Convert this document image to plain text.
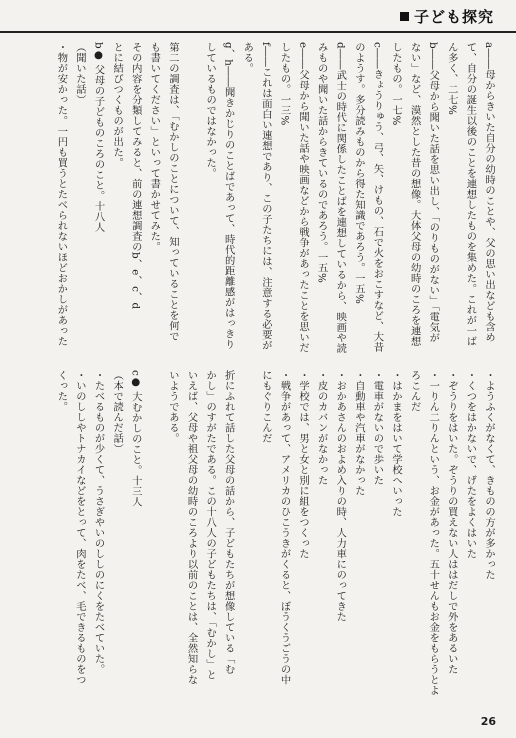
子ども探究
a――母からきいた自分の幼時のことや、父の思い出なども含め
て、自分の誕生以後のことを連想したものを集めた。これが一ば
ん多く、二七%
b――父母から聞いた話を思い出し、「のりものがない」「電気が
ない」など、漠然とした昔の想像。大体父母の幼時のころを連想
したもの。一七%
c――きょうりゅう、弓、矢、けもの、石で火をおこすなど、大昔
のようす。多分読みものから得た知識であろう。一五%
d――武士の時代に関係したことばを連想しているから、映画や読
みものや聞いた話からきているのであろう。一五%
e――父母から聞いた話や映画などから戦争があったことを思いだ
したもの。一三%
f――これは面白い連想であり、この子たちには、注意する必要が
ある。
g、h――聞きかじりのことばであって、時代的距離感がはっきり
しているものではなかった。

第二の調査は、「むかしのことについて、知っていることを何で
も書いてください」といって書かせてみた。
その内容を分類してみると、前の連想調査のb、e、c、d
とに結びつくものが出た。
b● 父母の子どものころのこと。十八人
（聞いた話）
・物が安かった。一円も買うとたべられないほどおかしがあった
・ようふくがなくて、きものの方が多かった
・くつをはかないで、げたをよくはいた
・ぞうりをはいた。ぞうりの買えない人ははだしで外をあるいた
・一りん二りんという、お金があった。五十せんもお金をもらうとよ
ろこんだ
・はかまをはいて学校へいった
・電車がないので歩いた
・自動車や汽車がなかった
・おかあさんのおよめ入りの時、人力車にのってきた
・皮のカバンがなかった
・学校では、男と女と別に組をつくった
・戦争があって、アメリカのひこうきがくると、ぼうくうごうの中
にもぐりこんだ

折にふれて話した父母の話から、子どもたちが想像している「む
かし」のすがたである。この十八人の子どもたちは、「むかし」と
いえば、父母や祖父母の幼時のころより以前のことは、全然知らな
いようである。

c● 大むかしのこと。十三人
（本で読んだ話）
・たべるものが少くて、うさぎやいのししのにくをたべていた。
・いのししやトナカイなどをとって、肉をたべ、毛できるものをつ
くった。
26
